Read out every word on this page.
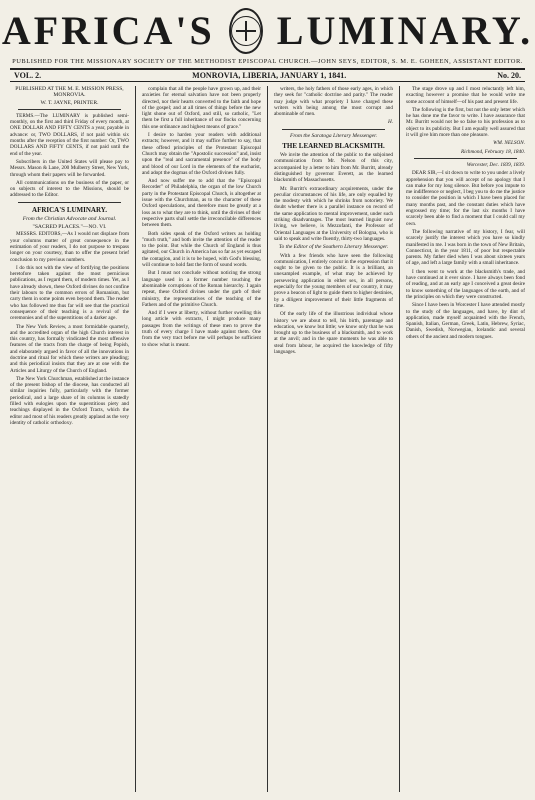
AFRICA'S LUMINARY.
PUBLISHED FOR THE MISSIONARY SOCIETY OF THE METHODIST EPISCOPAL CHURCH.—JOHN SEYS, EDITOR, S. M. E. GOHEEN, ASSISTANT EDITOR.
VOL. 2.	MONROVIA, LIBERIA, JANUARY 1, 1841.	No. 20.

PUBLISHED AT THE M. E. MISSION PRESS, MONROVIA.

W. T. JAYNE, PRINTER.

TERMS.—The LUMINARY is published semi-monthly, on the first and third Friday of every month, at ONE DOLLAR AND FIFTY CENTS a year, payable in advance: or, TWO DOLLARS, if not paid within six months after the reception of the first number: Or, TWO DOLLARS AND FIFTY CENTS, if not paid until the end of the year.

Subscribers in the United States will please pay to Messrs. Mason & Lane, 200 Mulberry Street, New York, through whom their papers will be forwarded.

All communications on the business of the paper, or on subjects of interest to the Missions, should be addressed to the Editor.

AFRICA'S LUMINARY.

From the Christian Advocate and Journal.

"SACRED PLACES."—NO. VI.

MESSRS. EDITORS,—As I would not displace from your columns matter of great consequence in the estimation of your readers, I do not purpose to trespass longer on your courtesy, than to offer the present brief conclusion to my previous numbers.

I do this not with the view of fortifying the positions heretofore taken against the most pernicious publications, as I regard them, of modern times. Yet, as I have already shown, these Oxford divines do not confine their labours to the common errors of Romanism, but carry them in some points even beyond them. The reader who has followed me thus far will see that the practical consequence of their teaching is a revival of the ceremonies and of the superstitions of a darker age.

The New York Review, a most formidable quarterly, and the accredited organ of the high Church interest in this country, has formally vindicated the most offensive features of the tracts from the charge of being Popish, and elaborately argued in favor of all the innovations in doctrine and ritual for which these writers are pleading; and this periodical insists that they are at one with the Articles and Liturgy of the Church of England.

The New York Churchman, established at the instance of the present bishop of the diocese, has conducted all similar inquiries fully, particularly with the former periodical, and a large share of its columns is statedly filled with eulogies upon the superstitious piety and teachings displayed in the Oxford Tracts, which the editor and most of his readers greatly applaud as the very identity of catholic orthodoxy.

complain that all the people have grown up, and their anxieties for eternal salvation have not been properly directed, nor their hearts converted to the faith and hope of the gospel; and at all times of things before the new light shone out of Oxford, and still, so catholic, "Let them be first a full inheritance of our flocks concerning this one ordinance and highest means of grace."

I desire to harden your readers with additional extracts; however, and it may suffice further to say, that these offend principles of the Protestant Episcopal Church may obtain the "Apostolic succession" and, insist upon the "real and sacramental presence" of the body and blood of our Lord in the elements of the eucharist, and adopt the dogmas of the Oxford divines fully.

And now suffer me to add that the "Episcopal Recorder" of Philadelphia, the organ of the low Church party in the Protestant Episcopal Church, is altogether at issue with the Churchman, as to the character of these Oxford speculations, and therefore must be greatly at a loss as to what they are to think, until the divines of their respective parts shall settle the irreconcilable differences between them.

Both sides speak of the Oxford writers as holding "much truth," and both invite the attention of the reader to the point. But while the Church of England is thus agitated, our Church in America has so far as yet escaped the contagion, and it is to be hoped, with God's blessing, will continue to hold fast the form of sound words.

But I must not conclude without noticing the strong language used in a former number touching the abominable corruptions of the Roman hierarchy. I again repeat, these Oxford divines under the garb of their ministry, the representatives of the teaching of the Fathers and of the primitive Church.

And if I were at liberty, without further swelling this long article with extracts, I might produce many passages from the writings of these men to prove the truth of every charge I have made against them. One from the very tract before me will perhaps be sufficient to show what is meant.

writers, the holy fathers of those early ages, in which they seek for "catholic doctrine and parity." The reader may judge with what propriety I have charged these writers with being among the most corrupt and abominable of men.

H.

From the Saratoga Literary Messenger.

THE LEARNED BLACKSMITH.

We invite the attention of the public to the subjoined communication from Mr. Nelson of this city, accompanied by a letter to him from Mr. Burritt, already distinguished by governor Everett, as the learned blacksmith of Massachusetts.

Mr. Burritt's extraordinary acquirements, under the peculiar circumstances of his life, are only equalled by the modesty with which he shrinks from notoriety. We doubt whether there is a parallel instance on record of the same application to mental improvement, under such striking disadvantages. The most learned linguist now living, we believe, is Mezzofanti, the Professor of Oriental Languages at the University of Bologna, who is said to speak and write fluently, thirty-two languages.

To the Editor of the Southern Literary Messenger.

With a few friends who have seen the following communication, I entirely concur in the expression that it ought to be given to the public. It is a brilliant, an unexampled example, of what may be achieved by persevering application in either sex, in all persons, especially for the young members of our country, it may prove a beacon of light to guide them to higher destinies, by a diligent improvement of their little fragments of time.

Of the early life of the illustrious individual whose history we are about to tell, his birth, parentage and education, we know but little; we know only that he was brought up to the business of a blacksmith, and to work at the anvil; and in the spare moments he was able to steal from labour, he acquired the knowledge of fifty languages.

The stage drove up and I most reluctantly left him, exacting however a promise that he would write me some account of himself—of his past and present life.

The following is the first, but not the only letter which he has done me the favor to write. I have assurance that Mr. Burritt would not be so false to his profession as to object to its publicity. But I am equally well assured that it will give him more than one pleasure.

WM. NELSON.

Richmond, February 18, 1840.

Worcester, Dec. 1839, 1839.

DEAR SIR,—I sit down to write to you under a lively apprehension that you will accept of no apology that I can make for my long silence. But before you impute to me indifference or neglect, I beg you to do me the justice to consider the position in which I have been placed for many months past, and the constant duties which have engrossed my time; for the last six months I have scarcely been able to find a moment that I could call my own.

The following narrative of my history, I fear, will scarcely justify the interest which you have so kindly manifested in me. I was born in the town of New Britain, Connecticut, in the year 1811, of poor but respectable parents. My father died when I was about sixteen years of age, and left a large family with a small inheritance.

I then went to work at the blacksmith's trade, and have continued at it ever since. I have always been fond of reading, and at an early age I conceived a great desire to know something of the languages of the earth, and of the principles on which they were constructed.

Since I have been in Worcester I have attended mostly to the study of the languages, and have, by dint of application, made myself acquainted with the French, Spanish, Italian, German, Greek, Latin, Hebrew, Syriac, Danish, Swedish, Norwegian, Icelandic and several others of the ancient and modern tongues.
